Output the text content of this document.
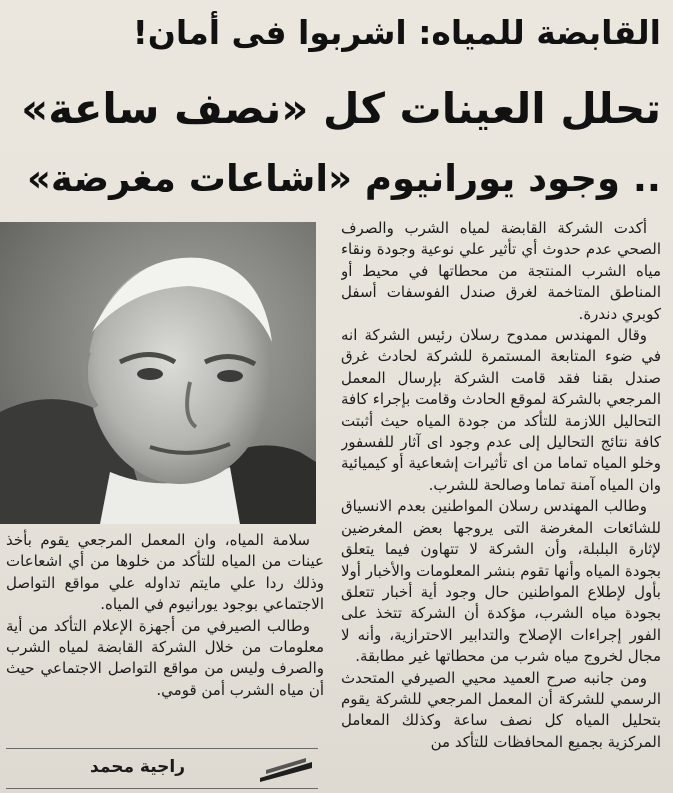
القابضة للمياه: اشربوا فى أمان!
تحلل العينات كل «نصف ساعة»
.. وجود يورانيوم «اشاعات مغرضة»

أكدت الشركة القابضة لمياه الشرب والصرف الصحي عدم حدوث أي تأثير علي نوعية وجودة ونقاء مياه الشرب المنتجة من محطاتها في محيط أو المناطق المتاخمة لغرق صندل الفوسفات أسفل كوبري دندرة.

وقال المهندس ممدوح رسلان رئيس الشركة انه في ضوء المتابعة المستمرة للشركة لحادث غرق صندل بقنا فقد قامت الشركة بإرسال المعمل المرجعي بالشركة لموقع الحادث وقامت بإجراء كافة التحاليل اللازمة للتأكد من جودة المياه حيث أثبتت كافة نتائج التحاليل إلى عدم وجود اى آثار للفسفور وخلو المياه تماما من اى تأثيرات إشعاعية أو كيميائية وان المياه آمنة تماما وصالحة للشرب.

وطالب المهندس رسلان المواطنين بعدم الانسياق للشائعات المغرضة التى يروجها بعض المغرضين لإثارة البلبلة، وأن الشركة لا تتهاون فيما يتعلق بجودة المياه وأنها تقوم بنشر المعلومات والأخبار أولا بأول لإطلاع المواطنين حال وجود أية أخبار تتعلق بجودة مياه الشرب، مؤكدة أن الشركة تتخذ على الفور إجراءات الإصلاح والتدابير الاحترازية، وأنه لا مجال لخروج مياه شرب من محطاتها غير مطابقة.

ومن جانبه صرح العميد محيي الصيرفي المتحدث الرسمي للشركة أن المعمل المرجعي للشركة يقوم بتحليل المياه كل نصف ساعة وكذلك المعامل المركزية بجميع المحافظات للتأكد من

سلامة المياه، وان المعمل المرجعي يقوم بأخذ عينات من المياه للتأكد من خلوها من أي اشعاعات وذلك ردا علي مايتم تداوله علي مواقع التواصل الاجتماعي بوجود يورانيوم في المياه.

وطالب الصيرفي من أجهزة الإعلام التأكد من أية معلومات من خلال الشركة القابضة لمياه الشرب والصرف وليس من مواقع التواصل الاجتماعي حيث أن مياه الشرب أمن قومي.

راجية محمد
